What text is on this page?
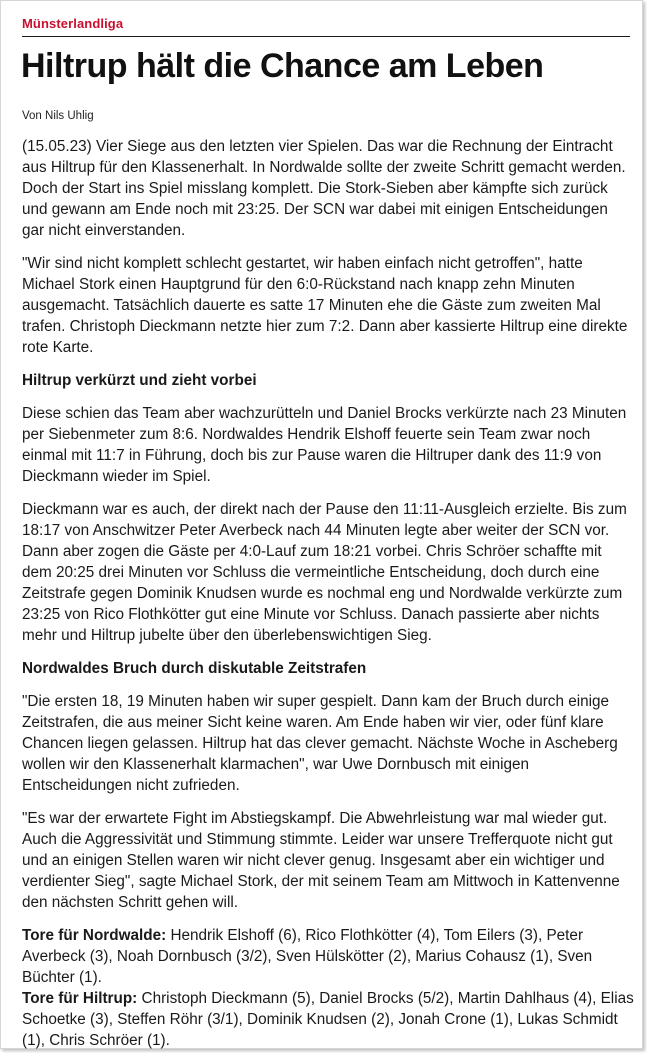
Münsterlandliga
Hiltrup hält die Chance am Leben
Von Nils Uhlig

(15.05.23) Vier Siege aus den letzten vier Spielen. Das war die Rechnung der Eintracht aus Hiltrup für den Klassenerhalt. In Nordwalde sollte der zweite Schritt gemacht werden. Doch der Start ins Spiel misslang komplett. Die Stork-Sieben aber kämpfte sich zurück und gewann am Ende noch mit 23:25. Der SCN war dabei mit einigen Entscheidungen gar nicht einverstanden.

"Wir sind nicht komplett schlecht gestartet, wir haben einfach nicht getroffen", hatte Michael Stork einen Hauptgrund für den 6:0-Rückstand nach knapp zehn Minuten ausgemacht. Tatsächlich dauerte es satte 17 Minuten ehe die Gäste zum zweiten Mal trafen. Christoph Dieckmann netzte hier zum 7:2. Dann aber kassierte Hiltrup eine direkte rote Karte.

Hiltrup verkürzt und zieht vorbei

Diese schien das Team aber wachzurütteln und Daniel Brocks verkürzte nach 23 Minuten per Siebenmeter zum 8:6. Nordwaldes Hendrik Elshoff feuerte sein Team zwar noch einmal mit 11:7 in Führung, doch bis zur Pause waren die Hiltruper dank des 11:9 von Dieckmann wieder im Spiel.

Dieckmann war es auch, der direkt nach der Pause den 11:11-Ausgleich erzielte. Bis zum 18:17 von Anschwitzer Peter Averbeck nach 44 Minuten legte aber weiter der SCN vor. Dann aber zogen die Gäste per 4:0-Lauf zum 18:21 vorbei. Chris Schröer schaffte mit dem 20:25 drei Minuten vor Schluss die vermeintliche Entscheidung, doch durch eine Zeitstrafe gegen Dominik Knudsen wurde es nochmal eng und Nordwalde verkürzte zum 23:25 von Rico Flothkötter gut eine Minute vor Schluss. Danach passierte aber nichts mehr und Hiltrup jubelte über den überlebenswichtigen Sieg.

Nordwaldes Bruch durch diskutable Zeitstrafen

"Die ersten 18, 19 Minuten haben wir super gespielt. Dann kam der Bruch durch einige Zeitstrafen, die aus meiner Sicht keine waren. Am Ende haben wir vier, oder fünf klare Chancen liegen gelassen. Hiltrup hat das clever gemacht. Nächste Woche in Ascheberg wollen wir den Klassenerhalt klarmachen", war Uwe Dornbusch mit einigen Entscheidungen nicht zufrieden.

"Es war der erwartete Fight im Abstiegskampf. Die Abwehrleistung war mal wieder gut. Auch die Aggressivität und Stimmung stimmte. Leider war unsere Trefferquote nicht gut und an einigen Stellen waren wir nicht clever genug. Insgesamt aber ein wichtiger und verdienter Sieg", sagte Michael Stork, der mit seinem Team am Mittwoch in Kattenvenne den nächsten Schritt gehen will.

Tore für Nordwalde: Hendrik Elshoff (6), Rico Flothkötter (4), Tom Eilers (3), Peter Averbeck (3), Noah Dornbusch (3/2), Sven Hülskötter (2), Marius Cohausz (1), Sven Büchter (1).
Tore für Hiltrup: Christoph Dieckmann (5), Daniel Brocks (5/2), Martin Dahlhaus (4), Elias Schoetke (3), Steffen Röhr (3/1), Dominik Knudsen (2), Jonah Crone (1), Lukas Schmidt (1), Chris Schröer (1).
